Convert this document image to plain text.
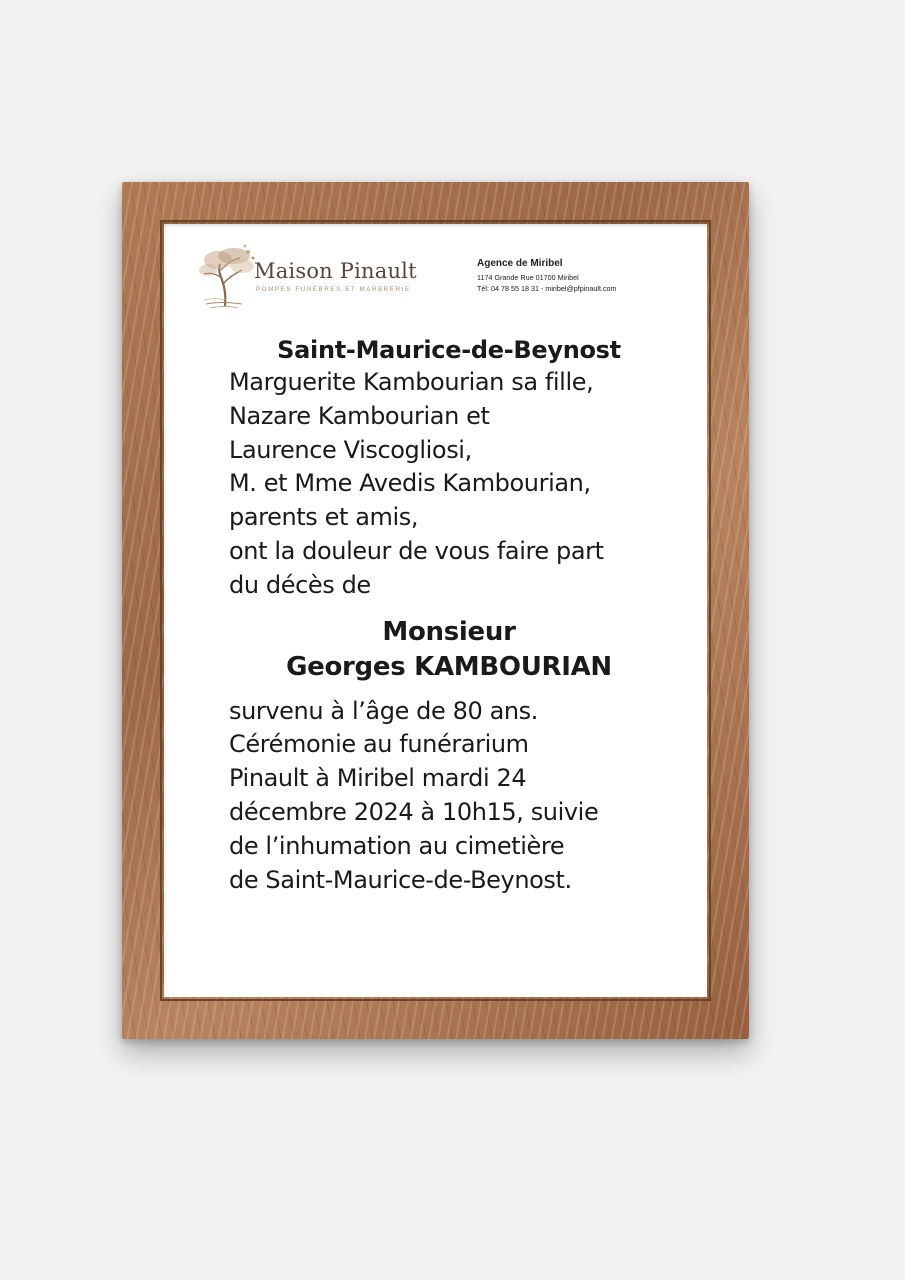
Maison Pinault
POMPES FUNÈBRES ET MARBRERIE
Agence de Miribel
1174 Grande Rue 01700 Miribel
Tél: 04 78 55 18 31 - miribel@pfpinault.com
Saint-Maurice-de-Beynost
Marguerite Kambourian sa fille,
Nazare Kambourian et
Laurence Viscogliosi,
M. et Mme Avedis Kambourian,
parents et amis,
ont la douleur de vous faire part
du décès de
Monsieur
Georges KAMBOURIAN
survenu à l’âge de 80 ans.
Cérémonie au funérarium
Pinault à Miribel mardi 24
décembre 2024 à 10h15, suivie
de l’inhumation au cimetière
de Saint-Maurice-de-Beynost.
